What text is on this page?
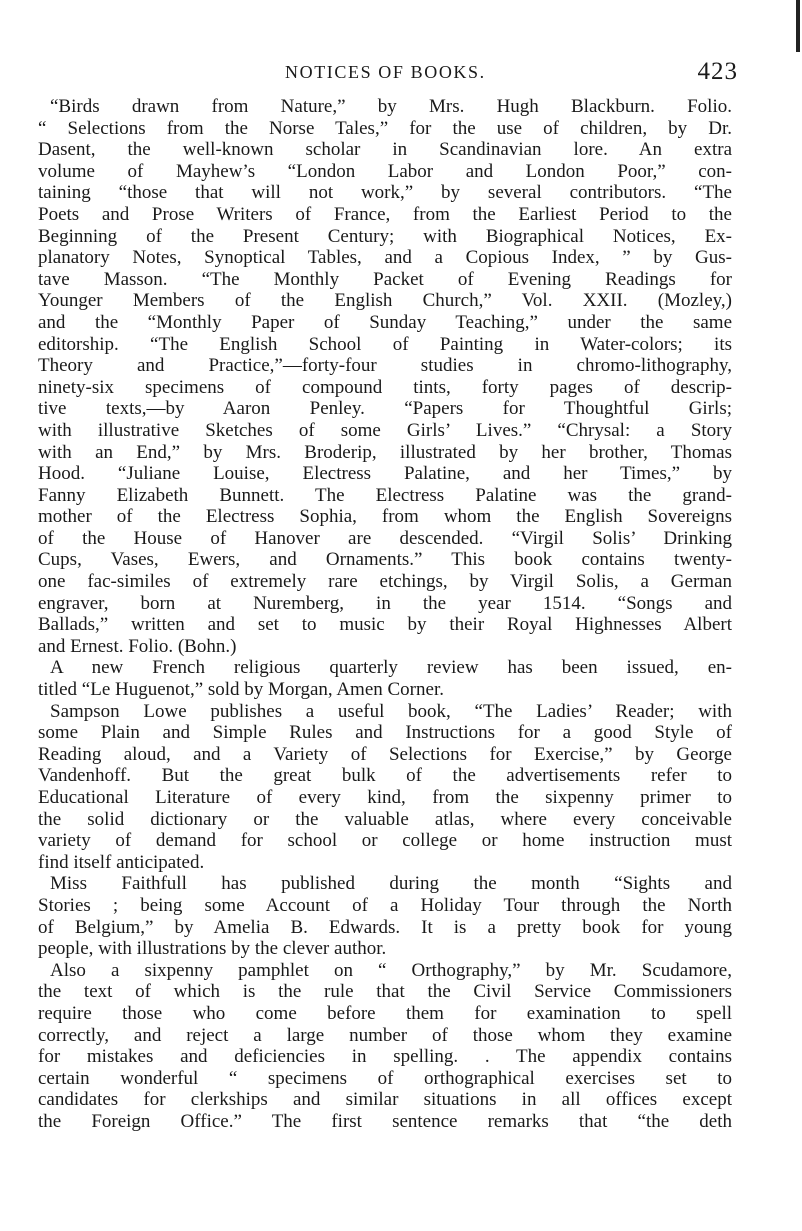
NOTICES OF BOOKS.	423
“Birds drawn from Nature,” by Mrs. Hugh Blackburn. Folio.
“ Selections from the Norse Tales,” for the use of children, by Dr.
Dasent, the well-known scholar in Scandinavian lore. An extra
volume of Mayhew’s “London Labor and London Poor,” con-
taining “those that will not work,” by several contributors. “The
Poets and Prose Writers of France, from the Earliest Period to the
Beginning of the Present Century; with Biographical Notices, Ex-
planatory Notes, Synoptical Tables, and a Copious Index, ” by Gus-
tave Masson. “The Monthly Packet of Evening Readings for
Younger Members of the English Church,” Vol. XXII. (Mozley,)
and the “Monthly Paper of Sunday Teaching,” under the same
editorship. “The English School of Painting in Water-colors; its
Theory and Practice,”—forty-four studies in chromo-lithography,
ninety-six specimens of compound tints, forty pages of descrip-
tive texts,—by Aaron Penley. “Papers for Thoughtful Girls;
with illustrative Sketches of some Girls’ Lives.” “Chrysal: a Story
with an End,” by Mrs. Broderip, illustrated by her brother, Thomas
Hood. “Juliane Louise, Electress Palatine, and her Times,” by
Fanny Elizabeth Bunnett. The Electress Palatine was the grand-
mother of the Electress Sophia, from whom the English Sovereigns
of the House of Hanover are descended. “Virgil Solis’ Drinking
Cups, Vases, Ewers, and Ornaments.” This book contains twenty-
one fac-similes of extremely rare etchings, by Virgil Solis, a German
engraver, born at Nuremberg, in the year 1514. “Songs and
Ballads,” written and set to music by their Royal Highnesses Albert
and Ernest. Folio. (Bohn.)
A new French religious quarterly review has been issued, en-
titled “Le Huguenot,” sold by Morgan, Amen Corner.
Sampson Lowe publishes a useful book, “The Ladies’ Reader; with
some Plain and Simple Rules and Instructions for a good Style of
Reading aloud, and a Variety of Selections for Exercise,” by George
Vandenhoff. But the great bulk of the advertisements refer to
Educational Literature of every kind, from the sixpenny primer to
the solid dictionary or the valuable atlas, where every conceivable
variety of demand for school or college or home instruction must
find itself anticipated.
Miss Faithfull has published during the month “Sights and
Stories ; being some Account of a Holiday Tour through the North
of Belgium,” by Amelia B. Edwards. It is a pretty book for young
people, with illustrations by the clever author.
Also a sixpenny pamphlet on “ Orthography,” by Mr. Scudamore,
the text of which is the rule that the Civil Service Commissioners
require those who come before them for examination to spell
correctly, and reject a large number of those whom they examine
for mistakes and deficiencies in spelling. . The appendix contains
certain wonderful “ specimens of orthographical exercises set to
candidates for clerkships and similar situations in all offices except
the Foreign Office.” The first sentence remarks that “the deth
